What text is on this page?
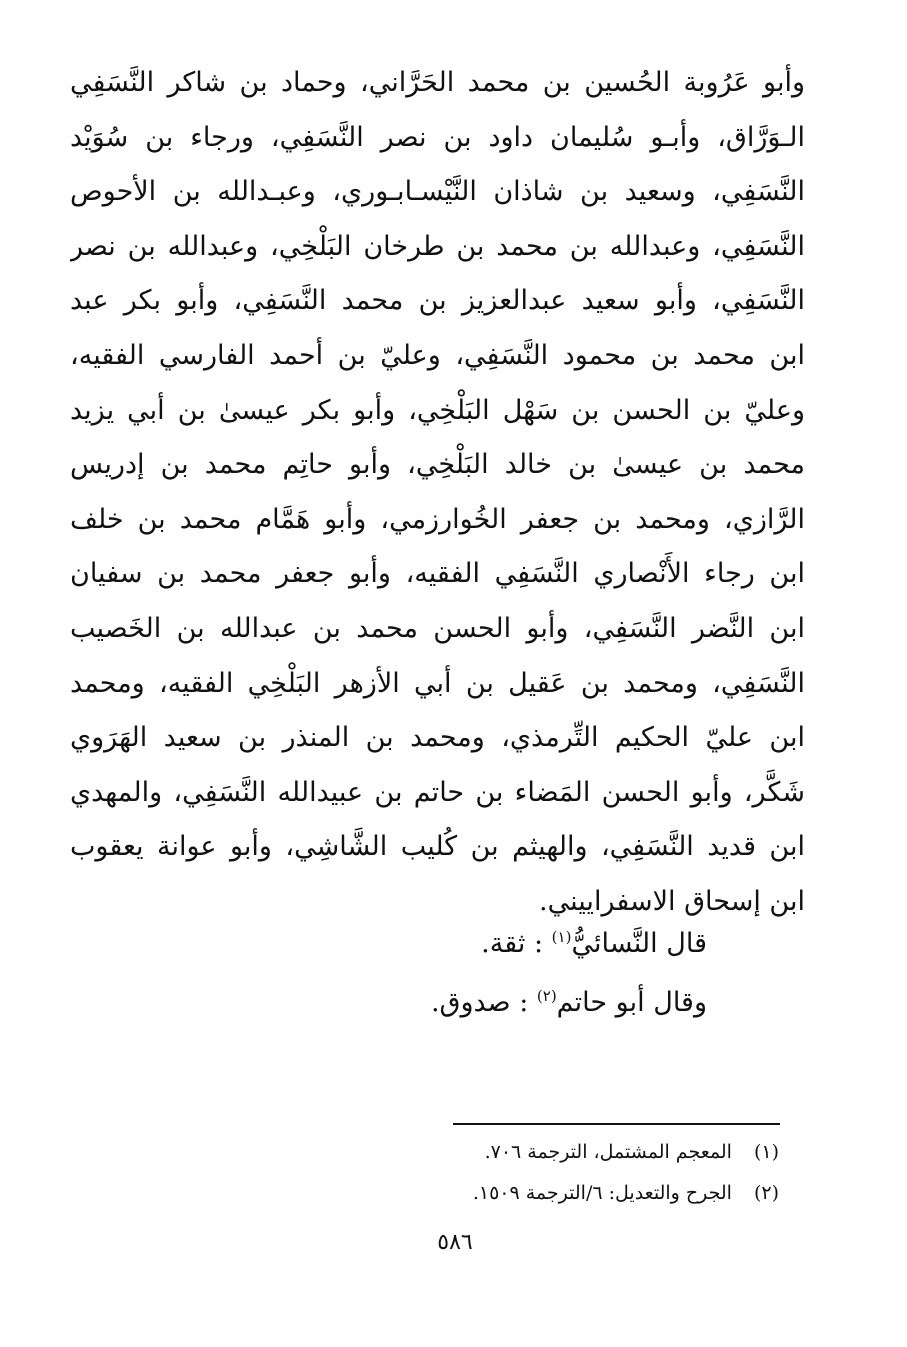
وأبو عَرُوبة الحُسين بن محمد الحَرَّاني، وحماد بن شاكر النَّسَفِي
الـوَرَّاق، وأبـو سُليمان داود بن نصر النَّسَفِي، ورجاء بن سُوَيْد
النَّسَفِي، وسعيد بن شاذان النَّيْسـابـوري، وعبـدالله بن الأحوص
النَّسَفِي، وعبدالله بن محمد بن طرخان البَلْخِي، وعبدالله بن نصر
النَّسَفِي، وأبو سعيد عبدالعزيز بن محمد النَّسَفِي، وأبو بكر عبد
ابن محمد بن محمود النَّسَفِي، وعليّ بن أحمد الفارسي الفقيه،
وعليّ بن الحسن بن سَهْل البَلْخِي، وأبو بكر عيسىٰ بن أبي يزيد
محمد بن عيسىٰ بن خالد البَلْخِي، وأبو حاتِم محمد بن إدريس
الرَّازي، ومحمد بن جعفر الخُوارزمي، وأبو هَمَّام محمد بن خلف
ابن رجاء الأَنْصاري النَّسَفِي الفقيه، وأبو جعفر محمد بن سفيان
ابن النَّضر النَّسَفِي، وأبو الحسن محمد بن عبدالله بن الخَصيب
النَّسَفِي، ومحمد بن عَقيل بن أبي الأزهر البَلْخِي الفقيه، ومحمد
ابن عليّ الحكيم التِّرمذي، ومحمد بن المنذر بن سعيد الهَرَوي
شَكَّر، وأبو الحسن المَضاء بن حاتم بن عبيدالله النَّسَفِي، والمهدي
ابن قديد النَّسَفِي، والهيثم بن كُليب الشَّاشِي، وأبو عوانة يعقوب
ابن إسحاق الاسفراييني.
قال النَّسائيُّ$^{(١)}$ : ثقة.
وقال أبو حاتم$^{(٢)}$ : صدوق.
(١)المعجم المشتمل، الترجمة ٧٠٦.
(٢)الجرح والتعديل: ٦/الترجمة ١٥٠٩.
٥٨٦
